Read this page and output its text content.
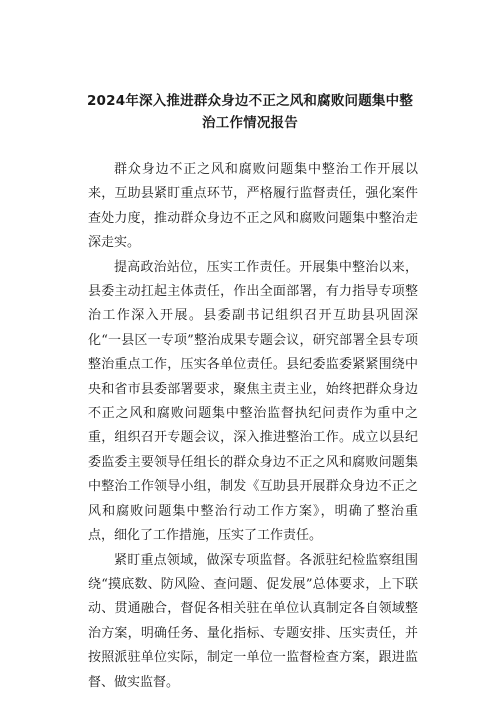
2024年深入推进群众身边不正之风和腐败问题集中整
治工作情况报告

群众身边不正之风和腐败问题集中整治工作开展以来，互助县紧盯重点环节，严格履行监督责任，强化案件查处力度，推动群众身边不正之风和腐败问题集中整治走深走实。

提高政治站位，压实工作责任。开展集中整治以来，县委主动扛起主体责任，作出全面部署，有力指导专项整治工作深入开展。县委副书记组织召开互助县巩固深化“一县区一专项”整治成果专题会议，研究部署全县专项整治重点工作，压实各单位责任。县纪委监委紧紧围绕中央和省市县委部署要求，聚焦主责主业，始终把群众身边不正之风和腐败问题集中整治监督执纪问责作为重中之重，组织召开专题会议，深入推进整治工作。成立以县纪委监委主要领导任组长的群众身边不正之风和腐败问题集中整治工作领导小组，制发《互助县开展群众身边不正之风和腐败问题集中整治行动工作方案》，明确了整治重点，细化了工作措施，压实了工作责任。

紧盯重点领域，做深专项监督。各派驻纪检监察组围绕“摸底数、防风险、查问题、促发展”总体要求，上下联动、贯通融合，督促各相关驻在单位认真制定各自领域整治方案，明确任务、量化指标、专题安排、压实责任，并按照派驻单位实际，制定一单位一监督检查方案，跟进监督、做实监督。
